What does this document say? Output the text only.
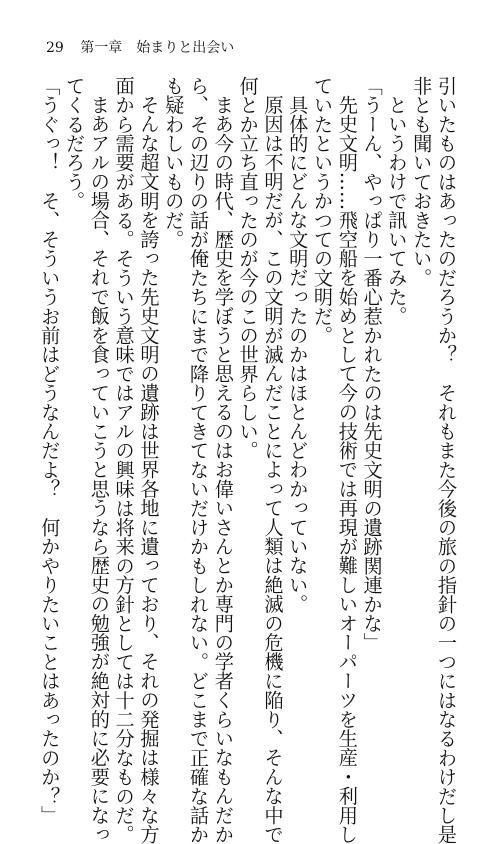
29 第一章　始まりと出会い

引いたものはあったのだろうか？　それもまた今後の旅の指針の一つにはなるわけだし是

非とも聞いておきたい。

というわけで訊いてみた。

「うーん、やっぱり一番心惹かれたのは先史文明の遺跡関連かな」

先史文明……飛空船を始めとして今の技術では再現が難しいオーパーツを生産・利用し

ていたというかつての文明だ。

具体的にどんな文明だったのかはほとんどわかっていない。

原因は不明だが、この文明が滅んだことによって人類は絶滅の危機に陥り、そんな中で

何とか立ち直ったのが今のこの世界らしい。

まあ今の時代、歴史を学ぼうと思えるのはお偉いさんとか専門の学者くらいなもんだか

ら、その辺りの話が俺たちにまで降りてきてないだけかもしれない。どこまで正確な話か

も疑わしいものだ。

そんな超文明を誇った先史文明の遺跡は世界各地に遺っており、それの発掘は様々な方

面から需要がある。そういう意味ではアルの興味は将来の方針としては十二分なものだ。

まあアルの場合、それで飯を食っていこうと思うなら歴史の勉強が絶対的に必要になっ

てくるだろう。

「うぐっ！　そ、そういうお前はどうなんだよ？　何かやりたいことはあったのか？」
